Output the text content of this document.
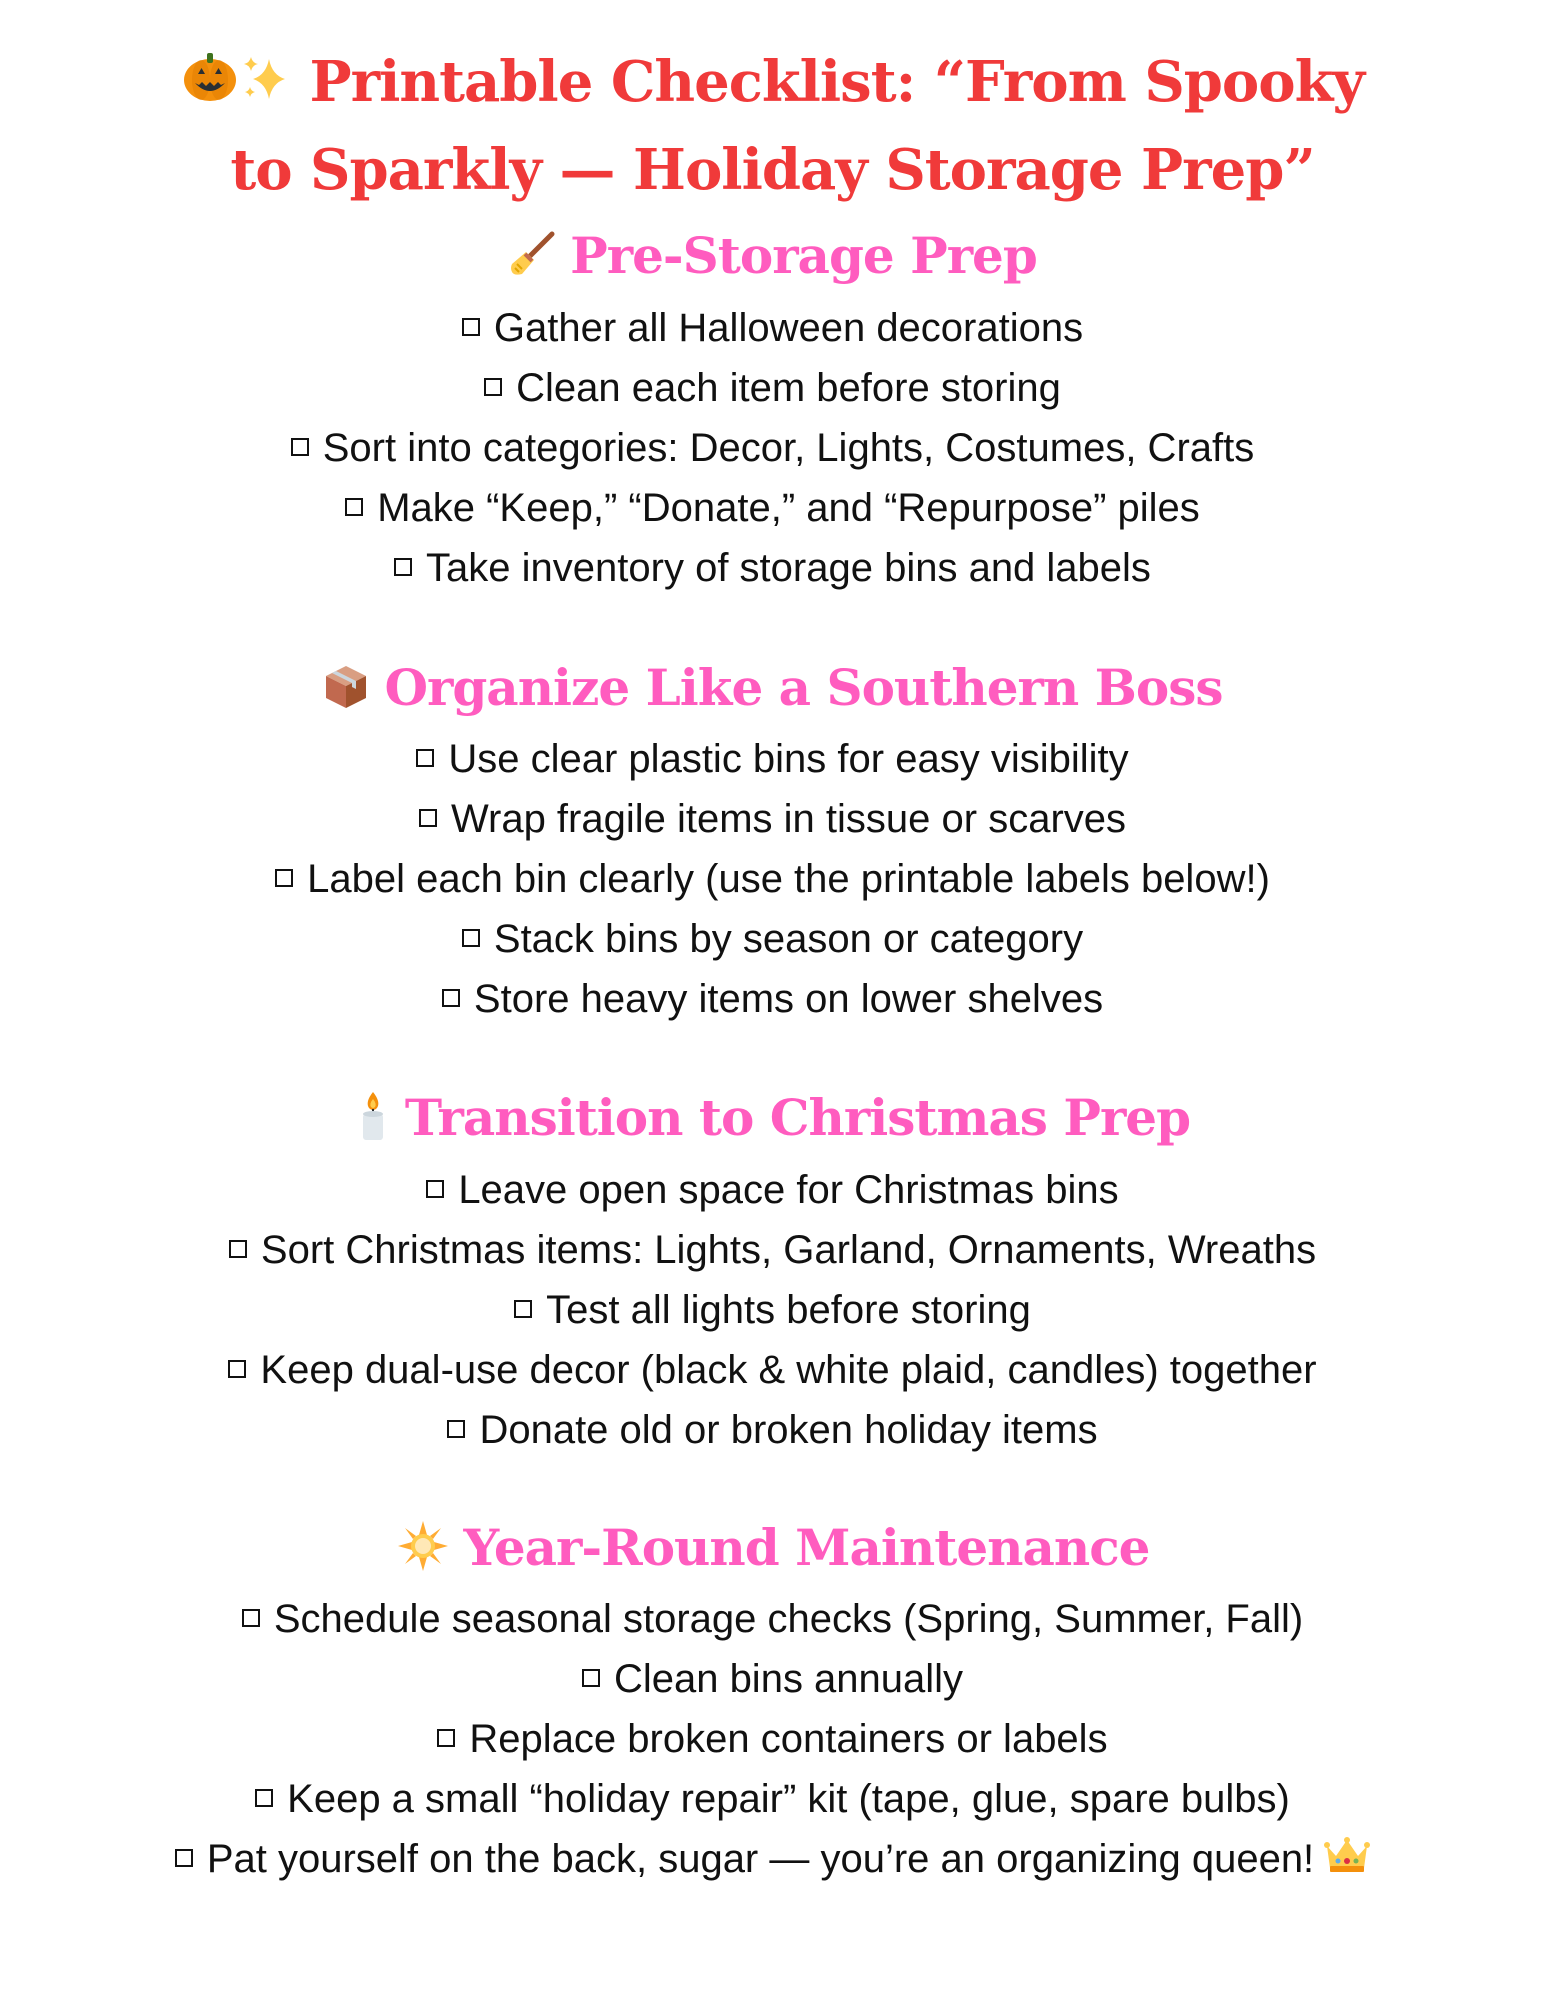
Printable Checklist: “From Spooky
to Sparkly — Holiday Storage Prep”
Pre-Storage Prep
Gather all Halloween decorations
Clean each item before storing
Sort into categories: Decor, Lights, Costumes, Crafts
Make “Keep,” “Donate,” and “Repurpose” piles
Take inventory of storage bins and labels
Organize Like a Southern Boss
Use clear plastic bins for easy visibility
Wrap fragile items in tissue or scarves
Label each bin clearly (use the printable labels below!)
Stack bins by season or category
Store heavy items on lower shelves
Transition to Christmas Prep
Leave open space for Christmas bins
Sort Christmas items: Lights, Garland, Ornaments, Wreaths
Test all lights before storing
Keep dual-use decor (black & white plaid, candles) together
Donate old or broken holiday items
Year-Round Maintenance
Schedule seasonal storage checks (Spring, Summer, Fall)
Clean bins annually
Replace broken containers or labels
Keep a small “holiday repair” kit (tape, glue, spare bulbs)
Pat yourself on the back, sugar — you’re an organizing queen!
